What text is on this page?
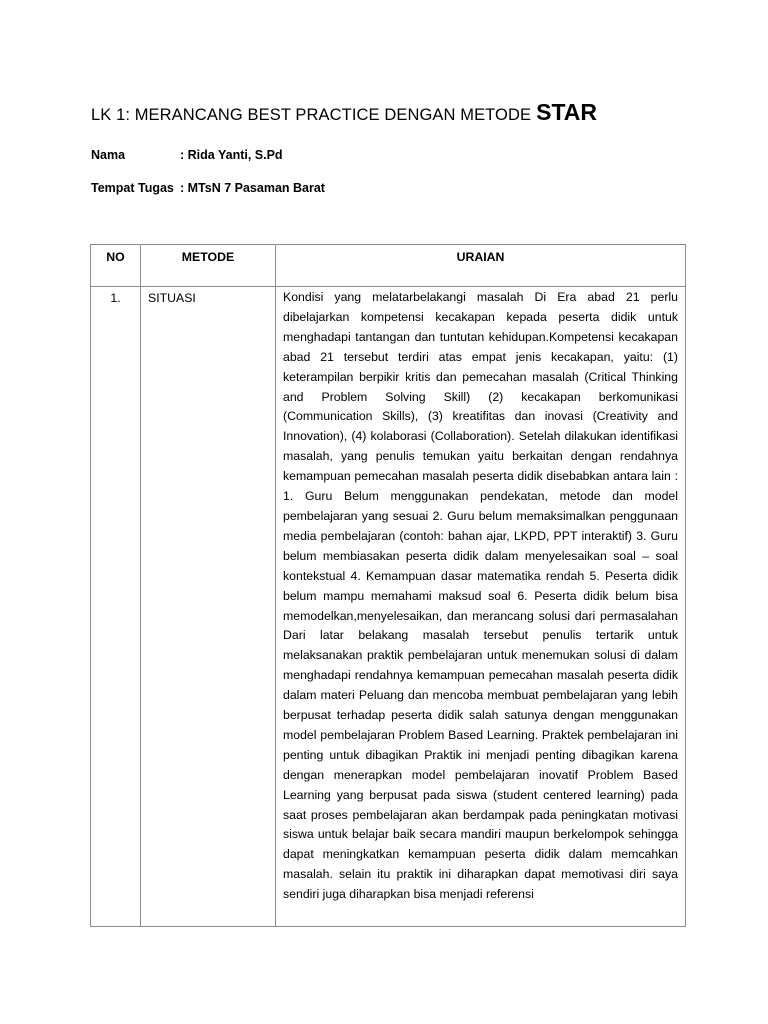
LK 1: MERANCANG BEST PRACTICE DENGAN METODE STAR
Nama	: Rida Yanti, S.Pd
Tempat Tugas : MTsN 7 Pasaman Barat
NO	METODE	URAIAN

1.	SITUASI	Kondisi yang melatarbelakangi masalah Di Era abad 21 perlu dibelajarkan kompetensi kecakapan kepada peserta didik untuk menghadapi tantangan dan tuntutan kehidupan.Kompetensi kecakapan abad 21 tersebut terdiri atas empat jenis kecakapan, yaitu: (1) keterampilan berpikir kritis dan pemecahan masalah (Critical Thinking and Problem Solving Skill) (2) kecakapan berkomunikasi (Communication Skills), (3) kreatifitas dan inovasi (Creativity and Innovation), (4) kolaborasi (Collaboration). Setelah dilakukan identifikasi masalah, yang penulis temukan yaitu berkaitan dengan rendahnya kemampuan pemecahan masalah peserta didik disebabkan antara lain : 1. Guru Belum menggunakan pendekatan, metode dan model pembelajaran yang sesuai 2. Guru belum memaksimalkan penggunaan media pembelajaran (contoh: bahan ajar, LKPD, PPT interaktif) 3. Guru belum membiasakan peserta didik dalam menyelesaikan soal – soal kontekstual 4. Kemampuan dasar matematika rendah 5. Peserta didik belum mampu memahami maksud soal 6. Peserta didik belum bisa memodelkan,menyelesaikan, dan merancang solusi dari permasalahan Dari latar belakang masalah tersebut penulis tertarik untuk melaksanakan praktik pembelajaran untuk menemukan solusi di dalam menghadapi rendahnya kemampuan pemecahan masalah peserta didik dalam materi Peluang dan mencoba membuat pembelajaran yang lebih berpusat terhadap peserta didik salah satunya dengan menggunakan model pembelajaran Problem Based Learning. Praktek pembelajaran ini penting untuk dibagikan Praktik ini menjadi penting dibagikan karena dengan menerapkan model pembelajaran inovatif Problem Based Learning yang berpusat pada siswa (student centered learning) pada saat proses pembelajaran akan berdampak pada peningkatan motivasi siswa untuk belajar baik secara mandiri maupun berkelompok sehingga dapat meningkatkan kemampuan peserta didik dalam memcahkan masalah. selain itu praktik ini diharapkan dapat memotivasi diri saya sendiri juga diharapkan bisa menjadi referensi
